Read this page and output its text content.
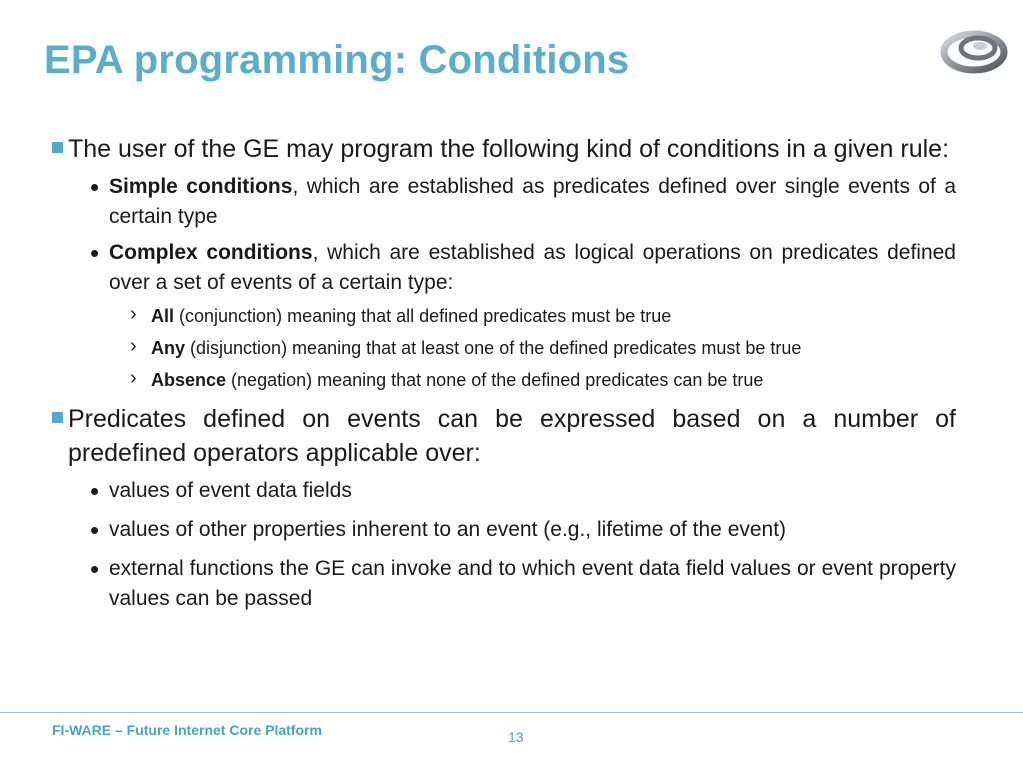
EPA programming: Conditions
The user of the GE may program the following kind of conditions in a given rule:
• Simple conditions, which are established as predicates defined over single events of a certain type
• Complex conditions, which are established as logical operations on predicates defined over a set of events of a certain type:
› All (conjunction) meaning that all defined predicates must be true
› Any (disjunction) meaning that at least one of the defined predicates must be true
› Absence (negation) meaning that none of the defined predicates can be true
Predicates defined on events can be expressed based on a number of predefined operators applicable over:
• values of event data fields
• values of other properties inherent to an event (e.g., lifetime of the event)
• external functions the GE can invoke and to which event data field values or event property values can be passed
FI-WARE – Future Internet Core Platform	13
